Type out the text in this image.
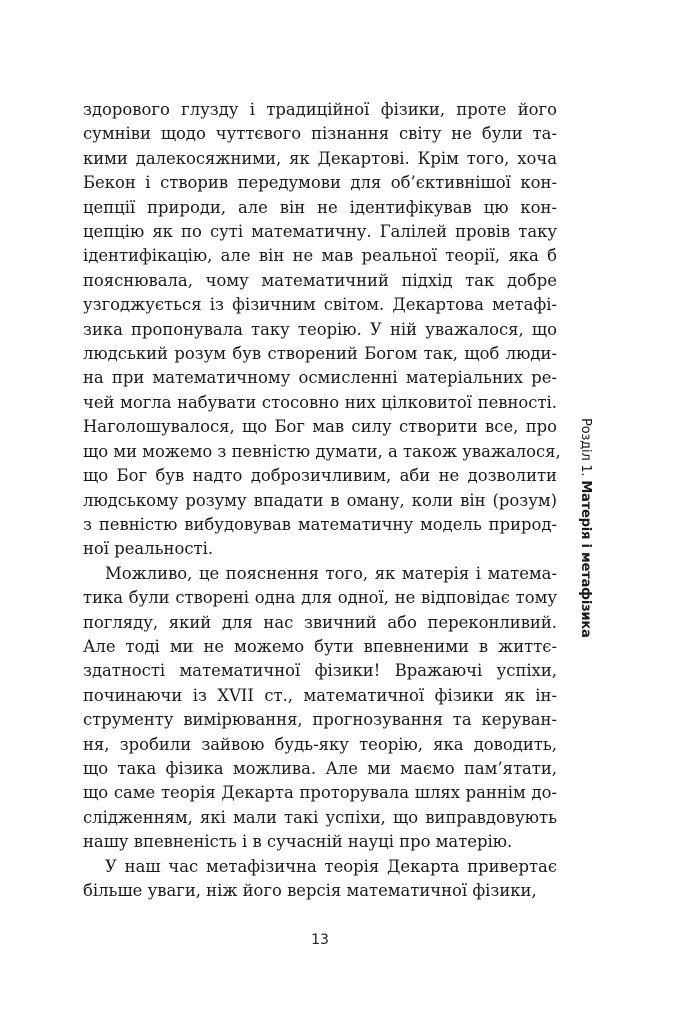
здорового глузду і традиційної фізики, проте його
сумніви щодо чуттєвого пізнання світу не були та-
кими далекосяжними, як Декартові. Крім того, хоча
Бекон і створив передумови для об’єктивнішої кон-
цепції природи, але він не ідентифікував цю кон-
цепцію як по суті математичну. Галілей провів таку
ідентифікацію, але він не мав реальної теорії, яка б
пояснювала, чому математичний підхід так добре
узгоджується із фізичним світом. Декартова метафі-
зика пропонувала таку теорію. У ній уважалося, що
людський розум був створений Богом так, щоб люди-
на при математичному осмисленні матеріальних ре-
чей могла набувати стосовно них цілковитої певності.
Наголошувалося, що Бог мав силу створити все, про
що ми можемо з певністю думати, а також уважалося,
що Бог був надто доброзичливим, аби не дозволити
людському розуму впадати в оману, коли він (розум)
з певністю вибудовував математичну модель природ-
ної реальності.
Можливо, це пояснення того, як матерія і матема-
тика були створені одна для одної, не відповідає тому
погляду, який для нас звичний або переконливий.
Але тоді ми не можемо бути впевненими в життє-
здатності математичної фізики! Вражаючі успіхи,
починаючи із XVII ст., математичної фізики як ін-
струменту вимірювання, прогнозування та керуван-
ня, зробили зайвою будь-яку теорію, яка доводить,
що така фізика можлива. Але ми маємо пам’ятати,
що саме теорія Декарта проторувала шлях раннім до-
слідженням, які мали такі успіхи, що виправдовують
нашу впевненість і в сучасній науці про матерію.
У наш час метафізична теорія Декарта привертає
більше уваги, ніж його версія математичної фізики,
Розділ 1. Матерія і метафізика
13
